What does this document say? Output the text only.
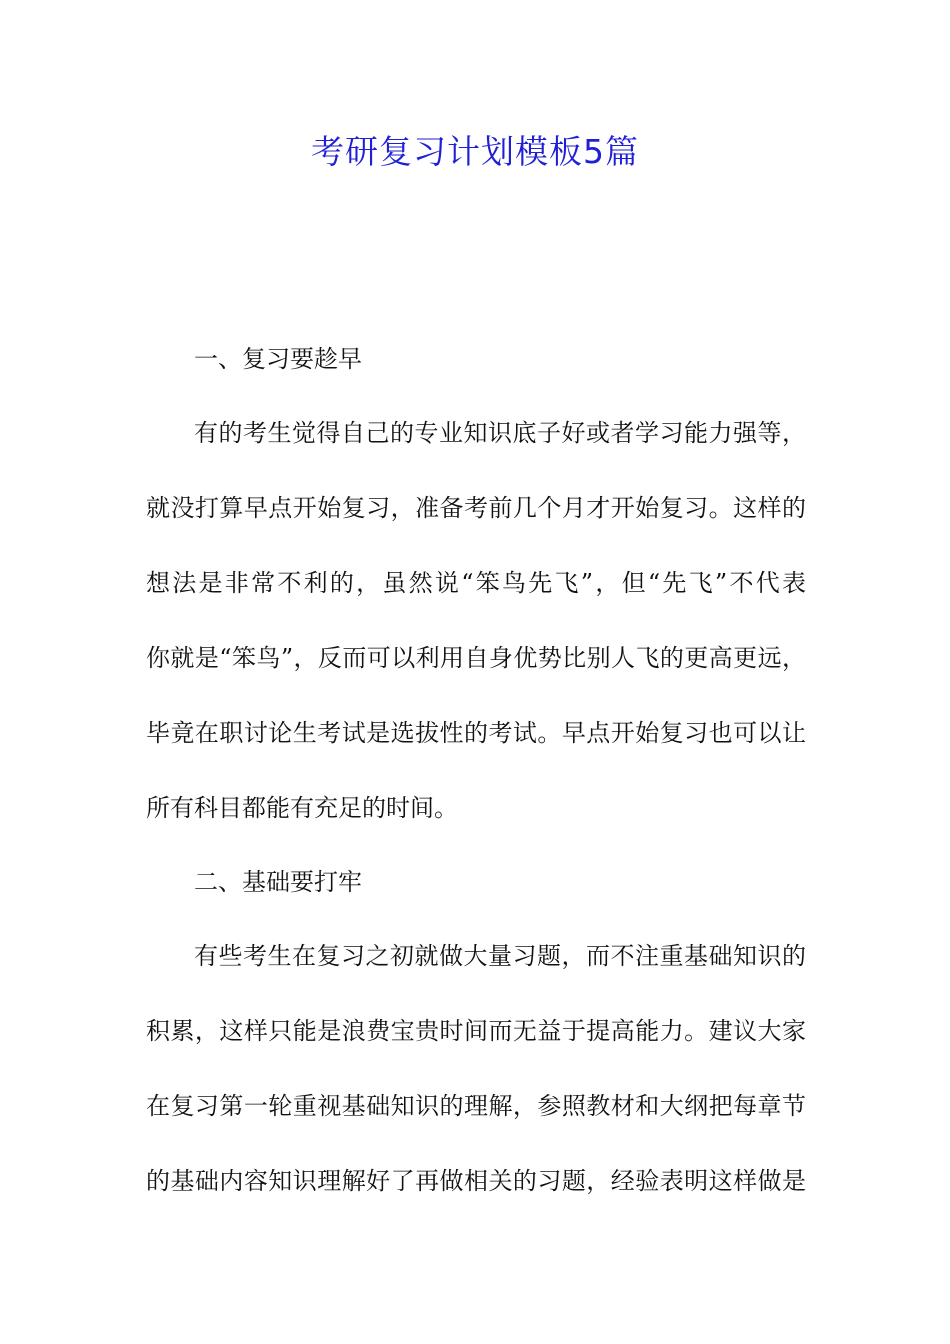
考研复习计划模板5篇
一、复习要趁早
有的考生觉得自己的专业知识底子好或者学习能力强等，
就没打算早点开始复习，准备考前几个月才开始复习。这样的
想法是非常不利的，虽然说“笨鸟先飞”，但“先飞”不代表
你就是“笨鸟”，反而可以利用自身优势比别人飞的更高更远，
毕竟在职讨论生考试是选拔性的考试。早点开始复习也可以让
所有科目都能有充足的时间。
二、基础要打牢
有些考生在复习之初就做大量习题，而不注重基础知识的
积累，这样只能是浪费宝贵时间而无益于提高能力。建议大家
在复习第一轮重视基础知识的理解，参照教材和大纲把每章节
的基础内容知识理解好了再做相关的习题，经验表明这样做是
